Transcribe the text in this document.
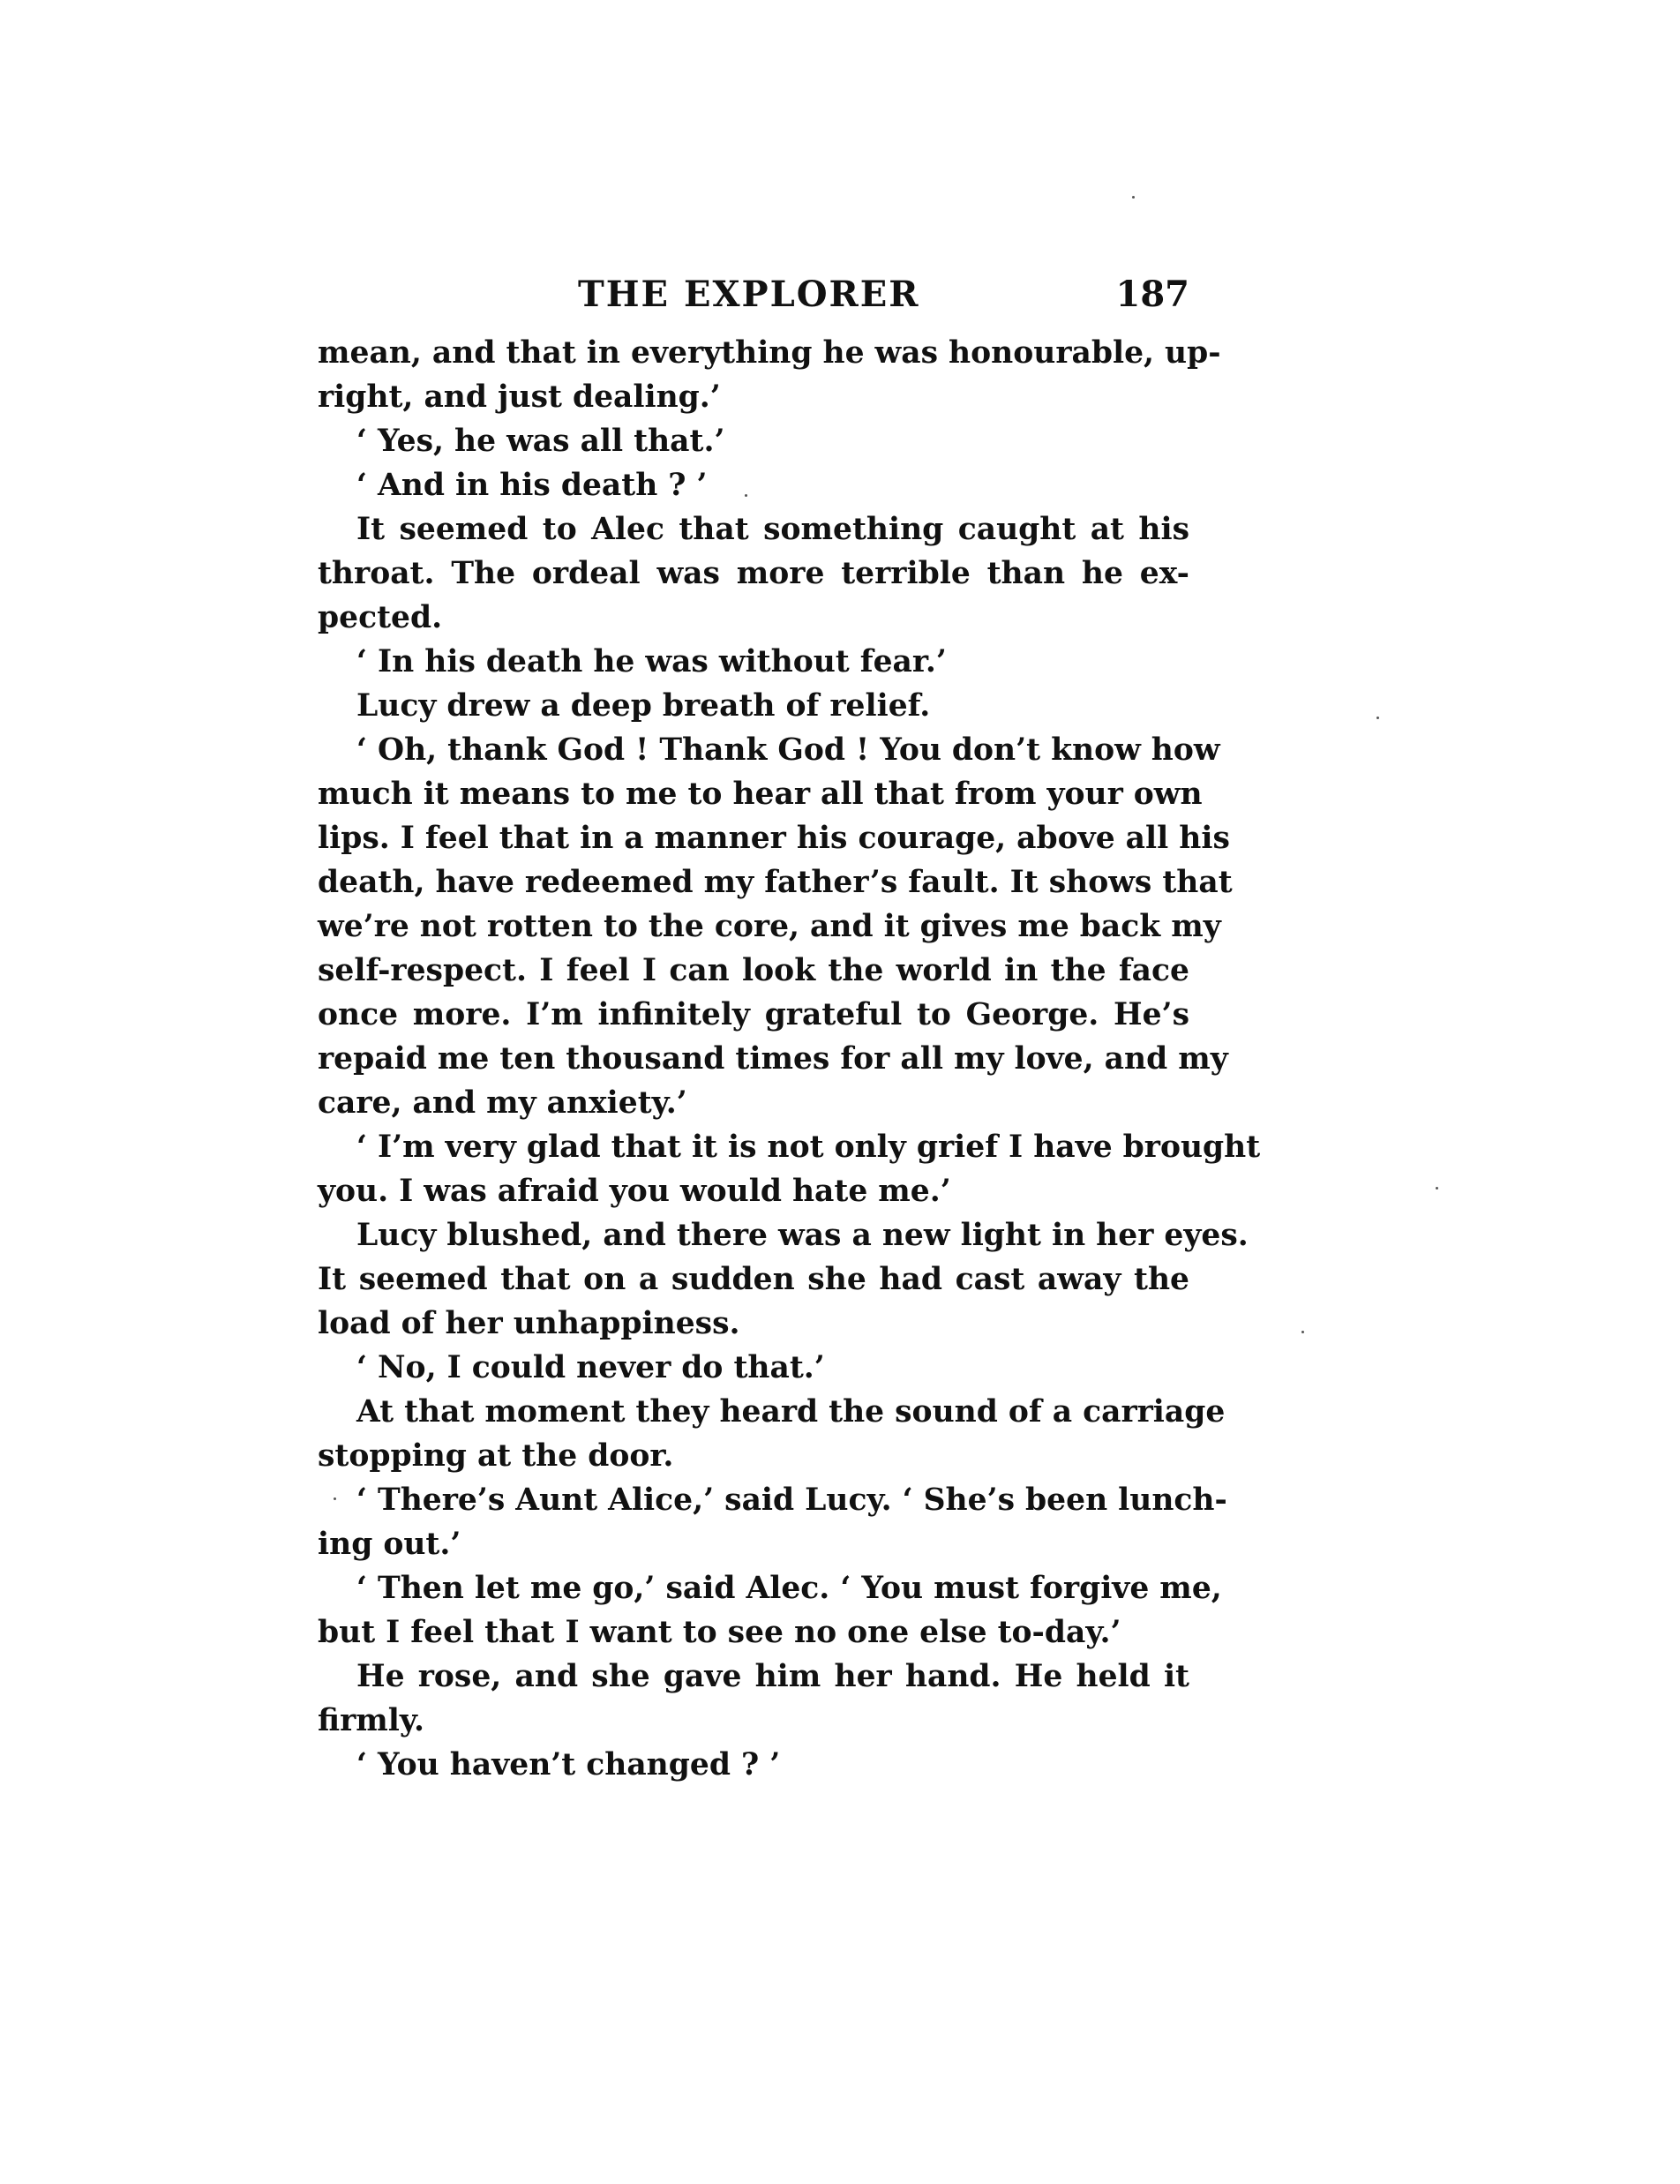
THE EXPLORER	187
mean, and that in everything he was honourable, up-
right, and just dealing.’
‘ Yes, he was all that.’
‘ And in his death ? ’
It seemed to Alec that something caught at his
throat. The ordeal was more terrible than he ex-
pected.
‘ In his death he was without fear.’
Lucy drew a deep breath of relief.
‘ Oh, thank God ! Thank God ! You don’t know how
much it means to me to hear all that from your own
lips. I feel that in a manner his courage, above all his
death, have redeemed my father’s fault. It shows that
we’re not rotten to the core, and it gives me back my
self-respect. I feel I can look the world in the face
once more. I’m infinitely grateful to George. He’s
repaid me ten thousand times for all my love, and my
care, and my anxiety.’
‘ I’m very glad that it is not only grief I have brought
you. I was afraid you would hate me.’
Lucy blushed, and there was a new light in her eyes.
It seemed that on a sudden she had cast away the
load of her unhappiness.
‘ No, I could never do that.’
At that moment they heard the sound of a carriage
stopping at the door.
‘ There’s Aunt Alice,’ said Lucy. ‘ She’s been lunch-
ing out.’
‘ Then let me go,’ said Alec. ‘ You must forgive me,
but I feel that I want to see no one else to-day.’
He rose, and she gave him her hand. He held it
firmly.
‘ You haven’t changed ? ’
